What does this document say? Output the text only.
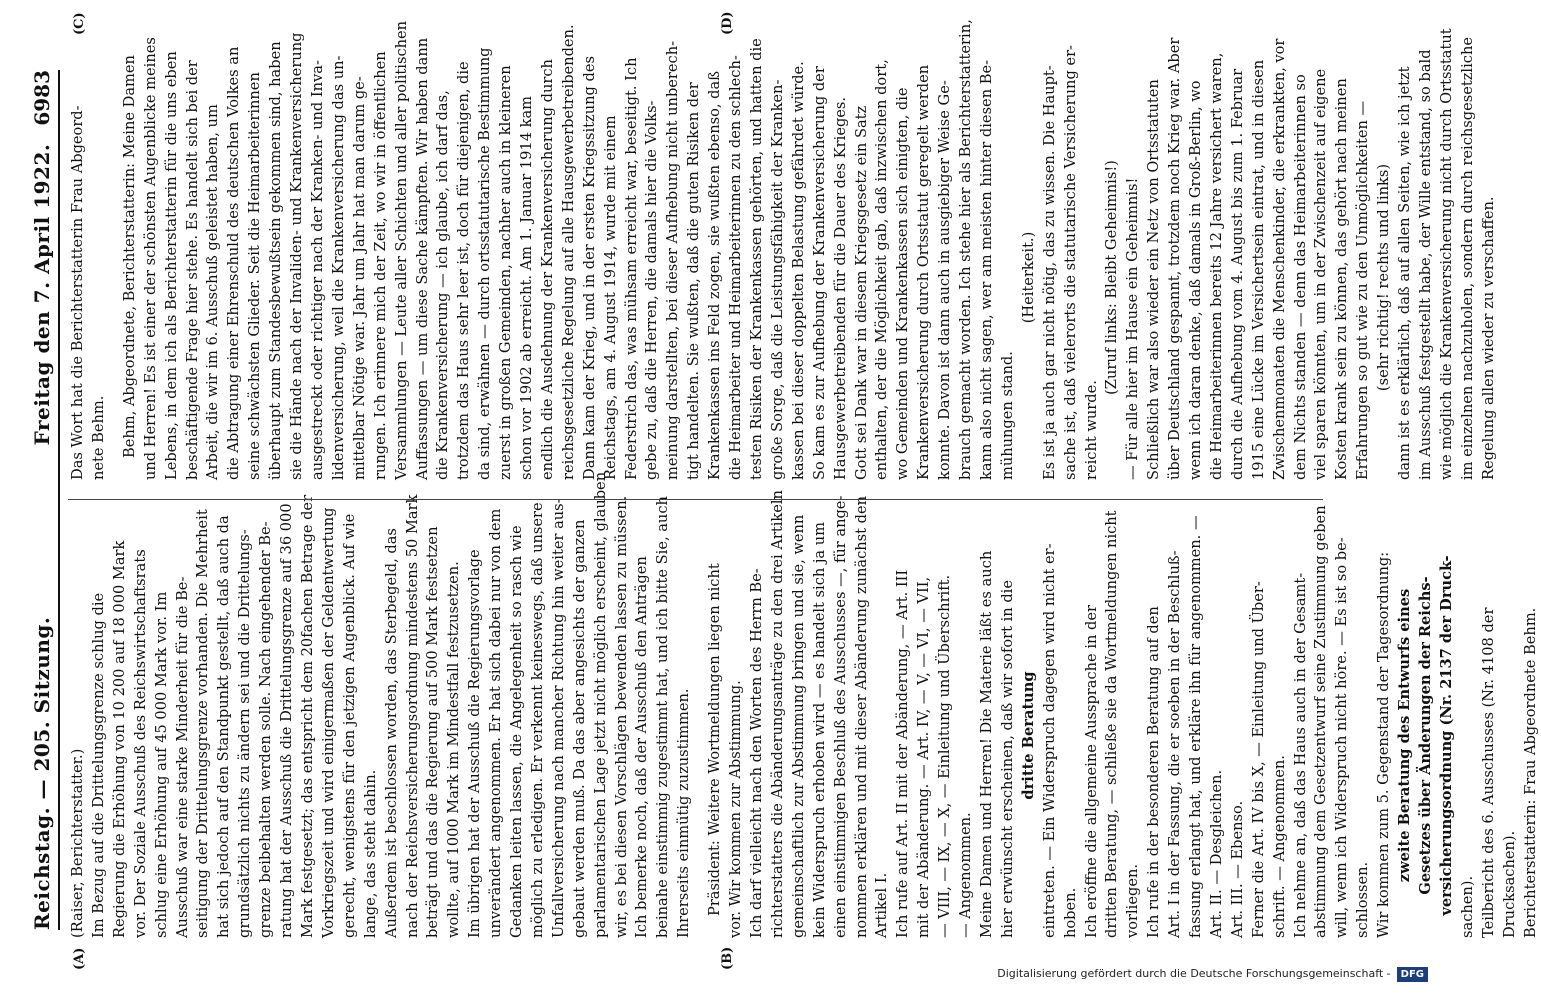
Reichstag. — 205. Sitzung.
Freitag den 7. April 1922.
6983
(A)	(B)
(C)	(D)
(Raiser, Berichterstatter.) Im Bezug auf die Drittelungsgrenze schlug die Regierung die Erhöhung von 10 200 auf 18 000 Mark vor. Der Soziale Ausschuß des Reichswirtschaftsrats schlug eine Erhöhung auf 45 000 Mark vor. Im Ausschuß war eine starke Minderheit für die Be- seitigung der Drittelungsgrenze vorhanden. Die Mehrheit hat sich jedoch auf den Standpunkt gestellt, daß auch da grundsätzlich nichts zu ändern sei und die Drittelungs- grenze beibehalten werden solle. Nach eingehender Be- ratung hat der Ausschuß die Drittelungsgrenze auf 36 000 Mark festgesetzt; das entspricht dem 20fachen Betrage der Vorkriegszeit und wird einigermaßen der Geldentwertung gerecht, wenigstens für den jetzigen Augenblick. Auf wie lange, das steht dahin. Außerdem ist beschlossen worden, das Sterbegeld, das nach der Reichsversicherungsordnung mindestens 50 Mark beträgt und das die Regierung auf 500 Mark festsetzen wollte, auf 1000 Mark im Mindestfall festzusetzen. Im übrigen hat der Ausschuß die Regierungsvorlage unverändert angenommen. Er hat sich dabei nur von dem Gedanken leiten lassen, die Angelegenheit so rasch wie möglich zu erledigen. Er verkennt keineswegs, daß unsere Unfallversicherung nach mancher Richtung hin weiter aus- gebaut werden muß. Da das aber angesichts der ganzen parlamentarischen Lage jetzt nicht möglich erscheint, glauben wir, es bei diesen Vorschlägen bewenden lassen zu müssen. Ich bemerke noch, daß der Ausschuß den Anträgen beinahe einstimmig zugestimmt hat, und ich bitte Sie, auch Ihrerseits einmütig zuzustimmen. Präsident: Weitere Wortmeldungen liegen nicht vor. Wir kommen zur Abstimmung. Ich darf vielleicht nach den Worten des Herrn Be- richterstatters die Abänderungsanträge zu den drei Artikeln gemeinschaftlich zur Abstimmung bringen und sie, wenn kein Widerspruch erhoben wird — es handelt sich ja um einen einstimmigen Beschluß des Ausschusses —, für ange- nommen erklären und mit dieser Abänderung zunächst den Artikel I. Ich rufe auf Art. II mit der Abänderung, — Art. III mit der Abänderung. — Art. IV, — V, — VI, — VII, — VIII, — IX, — X, — Einleitung und Überschrift. — Angenommen. Meine Damen und Herren! Die Materie läßt es auch hier erwünscht erscheinen, daß wir sofort in die dritte Beratung eintreten. — Ein Widerspruch dagegen wird nicht er- hoben. Ich eröffne die allgemeine Aussprache in der dritten Beratung, — schließe sie da Wortmeldungen nicht vorliegen. Ich rufe in der besonderen Beratung auf den Art. I in der Fassung, die er soeben in der Beschluß- fassung erlangt hat, und erkläre ihn für angenommen. — Art. II. — Desgleichen. Art. III. — Ebenso. Ferner die Art. IV bis X, — Einleitung und Über- schrift. — Angenommen. Ich nehme an, daß das Haus auch in der Gesamt- abstimmung dem Gesetzentwurf seine Zustimmung geben will, wenn ich Widerspruch nicht höre. — Es ist so be- schlossen. Wir kommen zum 5. Gegenstand der Tagesordnung: zweite Beratung des Entwurfs eines Gesetzes über Änderungen der Reichs- versicherungsordnung (Nr. 2137 der Druck- sachen). Teilbericht des 6. Ausschusses (Nr. 4108 der Drucksachen). Berichterstatterin: Frau Abgeordnete Behm.
Das Wort hat die Berichterstatterin Frau Abgeord- nete Behm. Behm, Abgeordnete, Berichterstatterin: Meine Damen und Herren! Es ist einer der schönsten Augenblicke meines Lebens, in dem ich als Berichterstatterin für die uns eben beschäftigende Frage hier stehe. Es handelt sich bei der Arbeit, die wir im 6. Ausschuß geleistet haben, um die Abtragung einer Ehrenschuld des deutschen Volkes an seine schwächsten Glieder. Seit die Heimarbeiterinnen überhaupt zum Standesbewußtsein gekommen sind, haben sie die Hände nach der Invaliden- und Krankenversicherung ausgestreckt oder richtiger nach der Kranken- und Inva- lidenversicherung, weil die Krankenversicherung das un- mittelbar Nötige war. Jahr um Jahr hat man darum ge- rungen. Ich erinnere mich der Zeit, wo wir in öffentlichen Versammlungen — Leute aller Schichten und aller politischen Auffassungen — um diese Sache kämpften. Wir haben dann die Krankenversicherung — ich glaube, ich darf das, trotzdem das Haus sehr leer ist, doch für diejenigen, die da sind, erwähnen — durch ortsstatutarische Bestimmung zuerst in großen Gemeinden, nachher auch in kleineren schon vor 1902 ab erreicht. Am 1. Januar 1914 kam endlich die Ausdehnung der Krankenversicherung durch reichsgesetzliche Regelung auf alle Hausgewerbetreibenden. Dann kam der Krieg, und in der ersten Kriegssitzung des Reichstags, am 4. August 1914, wurde mit einem Federstrich das, was mühsam erreicht war, beseitigt. Ich gebe zu, daß die Herren, die damals hier die Volks- meinung darstellten, bei dieser Aufhebung nicht unberech- tigt handelten. Sie wußten, daß die guten Risiken der Krankenkassen ins Feld zogen, sie wußten ebenso, daß die Heimarbeiter und Heimarbeiterinnen zu den schlech- testen Risiken der Krankenkassen gehörten, und hatten die große Sorge, daß die Leistungsfähigkeit der Kranken- kassen bei dieser doppelten Belastung gefährdet würde. So kam es zur Aufhebung der Krankenversicherung der Hausgewerbetreibenden für die Dauer des Krieges. Gott sei Dank war in diesem Kriegsgesetz ein Satz enthalten, der die Möglichkeit gab, daß inzwischen dort, wo Gemeinden und Krankenkassen sich einigten, die Krankenversicherung durch Ortsstatut geregelt werden konnte. Davon ist dann auch in ausgiebiger Weise Ge- brauch gemacht worden. Ich stehe hier als Berichterstatterin, kann also nicht sagen, wer am meisten hinter diesen Be- mühungen stand.
(Heiterkeit.) Es ist ja auch gar nicht nötig, das zu wissen. Die Haupt- sache ist, daß vielerorts die statutarische Versicherung er- reicht wurde.
(Zuruf links: Bleibt Geheimnis!) — Für alle hier im Hause ein Geheimnis! Schließlich war also wieder ein Netz von Ortsstatuten über Deutschland gespannt, trotzdem noch Krieg war. Aber wenn ich daran denke, daß damals in Groß-Berlin, wo die Heimarbeiterinnen bereits 12 Jahre versichert waren, durch die Aufhebung vom 4. August bis zum 1. Februar 1915 eine Lücke im Versichertsein eintrat, und in diesen Zwischenmonaten die Menschenkinder, die erkrankten, vor dem Nichts standen — denn das Heimarbeiterinnen so viel sparen könnten, um in der Zwischenzeit auf eigene Kosten krank sein zu können, das gehört nach meinen Erfahrungen so gut wie zu den Unmöglichkeiten — (sehr richtig! rechts und links) dann ist es erklärlich, daß auf allen Seiten, wie ich jetzt im Ausschuß festgestellt habe, der Wille entstand, so bald wie möglich die Krankenversicherung nicht durch Ortsstatut im einzelnen nachzuholen, sondern durch reichsgesetzliche Regelung allen wieder zu verschaffen.
Digitalisierung gefördert durch die Deutsche Forschungsgemeinschaft - DFG
